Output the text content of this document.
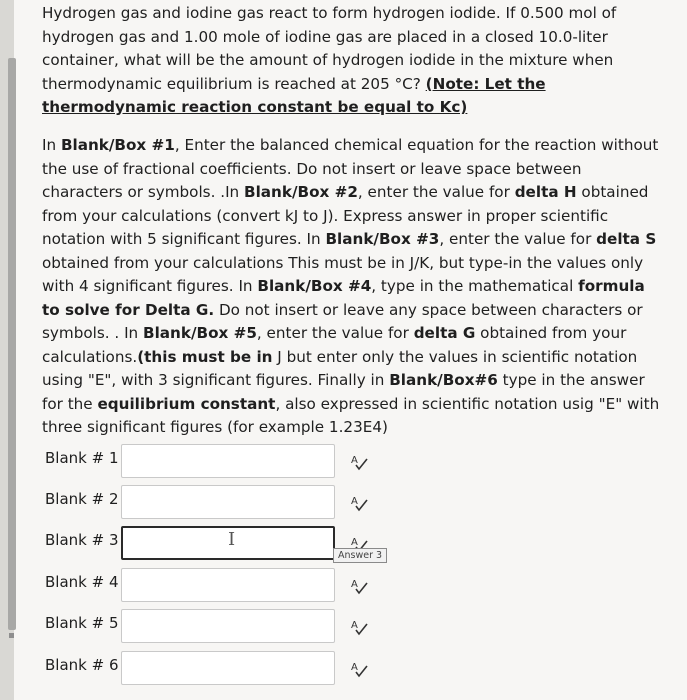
Hydrogen gas and iodine gas react to form hydrogen iodide. If 0.500 mol of hydrogen gas and 1.00 mole of iodine gas are placed in a closed 10.0-liter container, what will be the amount of hydrogen iodide in the mixture when thermodynamic equilibrium is reached at 205 °C? (Note: Let the thermodynamic reaction constant be equal to Kc)

In Blank/Box #1, Enter the balanced chemical equation for the reaction without the use of fractional coefficients. Do not insert or leave space between characters or symbols. .In Blank/Box #2, enter the value for delta H obtained from your calculations (convert kJ to J). Express answer in proper scientific notation with 5 significant figures. In Blank/Box #3, enter the value for delta S obtained from your calculations This must be in J/K, but type-in the values only with 4 significant figures. In Blank/Box #4, type in the mathematical formula to solve for Delta G. Do not insert or leave any space between characters or symbols. . In Blank/Box #5, enter the value for delta G obtained from your calculations.(this must be in J but enter only the values in scientific notation using "E", with 3 significant figures. Finally in Blank/Box#6 type in the answer for the equilibrium constant, also expressed in scientific notation usig "E" with three significant figures (for example 1.23E4)

Blank # 1	A
Blank # 2	A
Blank # 3	I	A
Answer 3
Blank # 4	A
Blank # 5	A
Blank # 6	A
